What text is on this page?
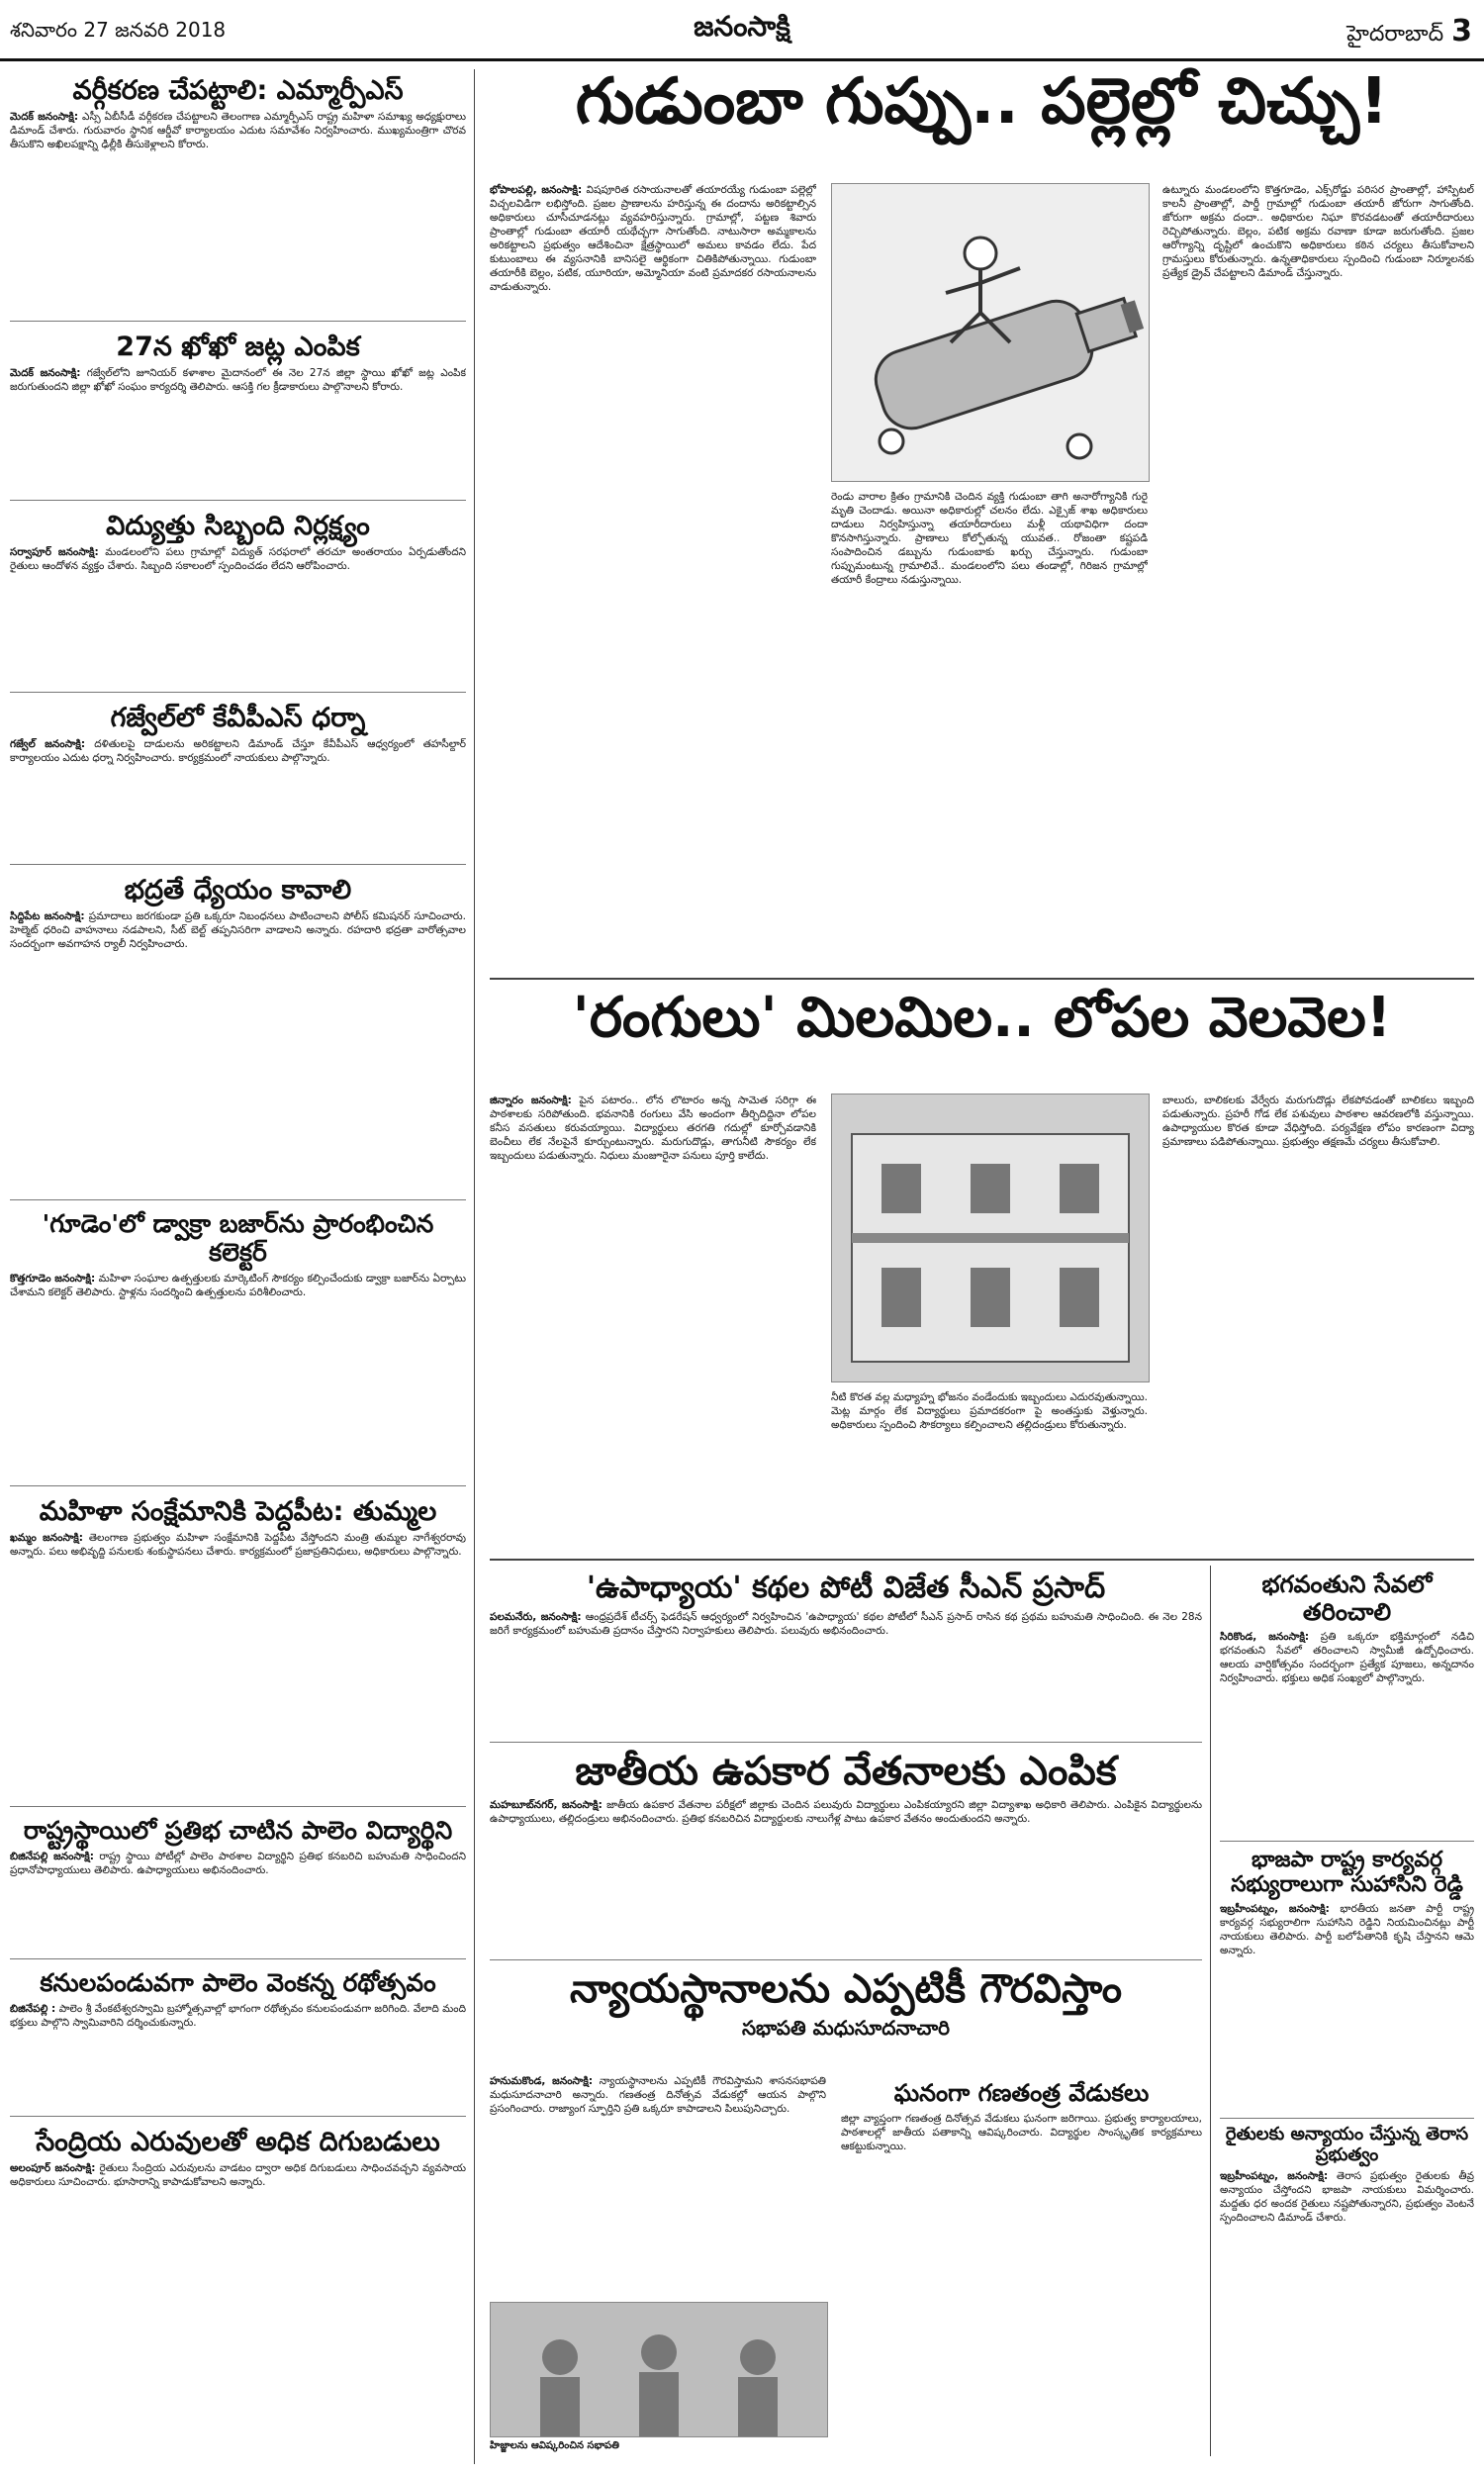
శనివారం 27 జనవరి 2018	జనంసాక్షి	హైదరాబాద్ 3
వర్గీకరణ చేపట్టాలి: ఎమ్మార్పీఎస్

మెదక్ జనంసాక్షి: ఎస్సీ ఏబీసీడీ వర్గీకరణ చేపట్టాలని తెలంగాణ ఎమ్మార్పీఎస్ రాష్ట్ర మహిళా సమాఖ్య అధ్యక్షురాలు డిమాండ్ చేశారు. గురువారం స్థానిక ఆర్డీవో కార్యాలయం ఎదుట సమావేశం నిర్వహించారు. ముఖ్యమంత్రిగా చొరవ తీసుకొని అఖిలపక్షాన్ని ఢిల్లీకి తీసుకెళ్లాలని కోరారు.

27న ఖోఖో జట్ల ఎంపిక

మెదక్ జనంసాక్షి: గజ్వేల్‌లోని జూనియర్ కళాశాల మైదానంలో ఈ నెల 27న జిల్లా స్థాయి ఖోఖో జట్ల ఎంపిక జరుగుతుందని జిల్లా ఖోఖో సంఘం కార్యదర్శి తెలిపారు. ఆసక్తి గల క్రీడాకారులు పాల్గొనాలని కోరారు.

విద్యుత్తు సిబ్బంది నిర్లక్ష్యం

సర్వాపూర్ జనంసాక్షి: మండలంలోని పలు గ్రామాల్లో విద్యుత్ సరఫరాలో తరచూ అంతరాయం ఏర్పడుతోందని రైతులు ఆందోళన వ్యక్తం చేశారు. సిబ్బంది సకాలంలో స్పందించడం లేదని ఆరోపించారు.

గజ్వేల్‌లో కేవీపీఎస్ ధర్నా

గజ్వేల్ జనంసాక్షి: దళితులపై దాడులను అరికట్టాలని డిమాండ్ చేస్తూ కేవీపీఎస్ ఆధ్వర్యంలో తహసీల్దార్ కార్యాలయం ఎదుట ధర్నా నిర్వహించారు. కార్యక్రమంలో నాయకులు పాల్గొన్నారు.

భద్రతే ధ్యేయం కావాలి

సిద్దిపేట జనంసాక్షి: ప్రమాదాలు జరగకుండా ప్రతి ఒక్కరూ నిబంధనలు పాటించాలని పోలీస్ కమిషనర్ సూచించారు. హెల్మెట్ ధరించి వాహనాలు నడపాలని, సీట్ బెల్ట్ తప్పనిసరిగా వాడాలని అన్నారు. రహదారి భద్రతా వారోత్సవాల సందర్భంగా అవగాహన ర్యాలీ నిర్వహించారు.

'గూడెం'లో డ్వాక్రా బజార్‌ను ప్రారంభించిన కలెక్టర్

కొత్తగూడెం జనంసాక్షి: మహిళా సంఘాల ఉత్పత్తులకు మార్కెటింగ్ సౌకర్యం కల్పించేందుకు డ్వాక్రా బజార్‌ను ఏర్పాటు చేశామని కలెక్టర్ తెలిపారు. స్టాళ్లను సందర్శించి ఉత్పత్తులను పరిశీలించారు.

మహిళా సంక్షేమానికి పెద్దపీట: తుమ్మల

ఖమ్మం జనంసాక్షి: తెలంగాణ ప్రభుత్వం మహిళా సంక్షేమానికి పెద్దపీట వేస్తోందని మంత్రి తుమ్మల నాగేశ్వరరావు అన్నారు. పలు అభివృద్ధి పనులకు శంకుస్థాపనలు చేశారు. కార్యక్రమంలో ప్రజాప్రతినిధులు, అధికారులు పాల్గొన్నారు.

రాష్ట్రస్థాయిలో ప్రతిభ చాటిన పాలెం విద్యార్థిని

బిజినేపల్లి జనంసాక్షి: రాష్ట్ర స్థాయి పోటీల్లో పాలెం పాఠశాల విద్యార్థిని ప్రతిభ కనబరిచి బహుమతి సాధించిందని ప్రధానోపాధ్యాయులు తెలిపారు. ఉపాధ్యాయులు అభినందించారు.

కనులపండువగా పాలెం వెంకన్న రథోత్సవం

బిజినేపల్లి : పాలెం శ్రీ వేంకటేశ్వరస్వామి బ్రహ్మోత్సవాల్లో భాగంగా రథోత్సవం కనులపండువగా జరిగింది. వేలాది మంది భక్తులు పాల్గొని స్వామివారిని దర్శించుకున్నారు.

సేంద్రియ ఎరువులతో అధిక దిగుబడులు

అలంపూర్ జనంసాక్షి: రైతులు సేంద్రియ ఎరువులను వాడటం ద్వారా అధిక దిగుబడులు సాధించవచ్చని వ్యవసాయ అధికారులు సూచించారు. భూసారాన్ని కాపాడుకోవాలని అన్నారు.

గుడుంబా గుప్పు.. పల్లెల్లో చిచ్చు!
భోపాలపల్లి, జనంసాక్షి: విషపూరిత రసాయనాలతో తయారయ్యే గుడుంబా పల్లెల్లో విచ్చలవిడిగా లభిస్తోంది. ప్రజల ప్రాణాలను హరిస్తున్న ఈ దందాను అరికట్టాల్సిన అధికారులు చూసీచూడనట్లు వ్యవహరిస్తున్నారు. గ్రామాల్లో, పట్టణ శివారు ప్రాంతాల్లో గుడుంబా తయారీ యథేచ్ఛగా సాగుతోంది. నాటుసారా అమ్మకాలను అరికట్టాలని ప్రభుత్వం ఆదేశించినా క్షేత్రస్థాయిలో అమలు కావడం లేదు. పేద కుటుంబాలు ఈ వ్యసనానికి బానిసలై ఆర్థికంగా చితికిపోతున్నాయి. గుడుంబా తయారీకి బెల్లం, పటిక, యూరియా, అమ్మోనియా వంటి ప్రమాదకర రసాయనాలను వాడుతున్నారు.
రెండు వారాల క్రితం గ్రామానికి చెందిన వ్యక్తి గుడుంబా తాగి అనారోగ్యానికి గురై మృతి చెందాడు. అయినా అధికారుల్లో చలనం లేదు. ఎక్సైజ్ శాఖ అధికారులు దాడులు నిర్వహిస్తున్నా తయారీదారులు మళ్లీ యథావిధిగా దందా కొనసాగిస్తున్నారు. ప్రాణాలు కోల్పోతున్న యువత.. రోజంతా కష్టపడి సంపాదించిన డబ్బును గుడుంబాకు ఖర్చు చేస్తున్నారు. గుడుంబా గుప్పుమంటున్న గ్రామాలివే.. మండలంలోని పలు తండాల్లో, గిరిజన గ్రామాల్లో తయారీ కేంద్రాలు నడుస్తున్నాయి.
ఉట్నూరు మండలంలోని కొత్తగూడెం, ఎక్స్‌రోడ్డు పరిసర ప్రాంతాల్లో, హాస్పిటల్ కాలనీ ప్రాంతాల్లో, పార్డీ గ్రామాల్లో గుడుంబా తయారీ జోరుగా సాగుతోంది. జోరుగా అక్రమ దందా.. అధికారుల నిఘా కొరవడటంతో తయారీదారులు రెచ్చిపోతున్నారు. బెల్లం, పటిక అక్రమ రవాణా కూడా జరుగుతోంది. ప్రజల ఆరోగ్యాన్ని దృష్టిలో ఉంచుకొని అధికారులు కఠిన చర్యలు తీసుకోవాలని గ్రామస్తులు కోరుతున్నారు. ఉన్నతాధికారులు స్పందించి గుడుంబా నిర్మూలనకు ప్రత్యేక డ్రైవ్ చేపట్టాలని డిమాండ్ చేస్తున్నారు.
'రంగులు' మిలమిల.. లోపల వెలవెల!
జిన్నారం జనంసాక్షి: పైన పటారం.. లోన లొటారం అన్న సామెత సరిగ్గా ఈ పాఠశాలకు సరిపోతుంది. భవనానికి రంగులు వేసి అందంగా తీర్చిదిద్దినా లోపల కనీస వసతులు కరువయ్యాయి. విద్యార్థులు తరగతి గదుల్లో కూర్చోవడానికి బెంచీలు లేక నేలపైనే కూర్చుంటున్నారు. మరుగుదొడ్లు, తాగునీటి సౌకర్యం లేక ఇబ్బందులు పడుతున్నారు. నిధులు మంజూరైనా పనులు పూర్తి కాలేదు.
నీటి కొరత వల్ల మధ్యాహ్న భోజనం వండేందుకు ఇబ్బందులు ఎదురవుతున్నాయి. మెట్ల మార్గం లేక విద్యార్థులు ప్రమాదకరంగా పై అంతస్తుకు వెళ్తున్నారు. అధికారులు స్పందించి సౌకర్యాలు కల్పించాలని తల్లిదండ్రులు కోరుతున్నారు.
బాలురు, బాలికలకు వేర్వేరు మరుగుదొడ్లు లేకపోవడంతో బాలికలు ఇబ్బంది పడుతున్నారు. ప్రహరీ గోడ లేక పశువులు పాఠశాల ఆవరణలోకి వస్తున్నాయి. ఉపాధ్యాయుల కొరత కూడా వేధిస్తోంది. పర్యవేక్షణ లోపం కారణంగా విద్యా ప్రమాణాలు పడిపోతున్నాయి. ప్రభుత్వం తక్షణమే చర్యలు తీసుకోవాలి.
'ఉపాధ్యాయ' కథల పోటీ విజేత సీఎన్ ప్రసాద్

పలమనేరు, జనంసాక్షి: ఆంధ్రప్రదేశ్ టీచర్స్ ఫెడరేషన్ ఆధ్వర్యంలో నిర్వహించిన 'ఉపాధ్యాయ' కథల పోటీలో సీఎన్ ప్రసాద్ రాసిన కథ ప్రథమ బహుమతి సాధించింది. ఈ నెల 28న జరిగే కార్యక్రమంలో బహుమతి ప్రదానం చేస్తారని నిర్వాహకులు తెలిపారు. పలువురు అభినందించారు.

భగవంతుని సేవలో తరించాలి

సిరికొండ, జనంసాక్షి: ప్రతి ఒక్కరూ భక్తిమార్గంలో నడిచి భగవంతుని సేవలో తరించాలని స్వామీజీ ఉద్బోధించారు. ఆలయ వార్షికోత్సవం సందర్భంగా ప్రత్యేక పూజలు, అన్నదానం నిర్వహించారు. భక్తులు అధిక సంఖ్యలో పాల్గొన్నారు.

భాజపా రాష్ట్ర కార్యవర్గ సభ్యురాలుగా సుహాసిని రెడ్డి

ఇబ్రహీంపట్నం, జనంసాక్షి: భారతీయ జనతా పార్టీ రాష్ట్ర కార్యవర్గ సభ్యురాలిగా సుహాసిని రెడ్డిని నియమించినట్లు పార్టీ నాయకులు తెలిపారు. పార్టీ బలోపేతానికి కృషి చేస్తానని ఆమె అన్నారు.

రైతులకు అన్యాయం చేస్తున్న తెరాస ప్రభుత్వం

ఇబ్రహీంపట్నం, జనంసాక్షి: తెరాస ప్రభుత్వం రైతులకు తీవ్ర అన్యాయం చేస్తోందని భాజపా నాయకులు విమర్శించారు. మద్దతు ధర అందక రైతులు నష్టపోతున్నారని, ప్రభుత్వం వెంటనే స్పందించాలని డిమాండ్ చేశారు.

జాతీయ ఉపకార వేతనాలకు ఎంపిక

మహబూబ్‌నగర్, జనంసాక్షి: జాతీయ ఉపకార వేతనాల పరీక్షలో జిల్లాకు చెందిన పలువురు విద్యార్థులు ఎంపికయ్యారని జిల్లా విద్యాశాఖ అధికారి తెలిపారు. ఎంపికైన విద్యార్థులను ఉపాధ్యాయులు, తల్లిదండ్రులు అభినందించారు. ప్రతిభ కనబరిచిన విద్యార్థులకు నాలుగేళ్ల పాటు ఉపకార వేతనం అందుతుందని అన్నారు.

న్యాయస్థానాలను ఎప్పటికీ గౌరవిస్తాం
సభాపతి మధుసూదనాచారి
హనుమకొండ, జనంసాక్షి: న్యాయస్థానాలను ఎప్పటికీ గౌరవిస్తామని శాసనసభాపతి మధుసూదనాచారి అన్నారు. గణతంత్ర దినోత్సవ వేడుకల్లో ఆయన పాల్గొని ప్రసంగించారు. రాజ్యాంగ స్ఫూర్తిని ప్రతి ఒక్కరూ కాపాడాలని పిలుపునిచ్చారు.
హిజ్జాలను ఆవిష్కరించిన సభాపతి
ఘనంగా గణతంత్ర వేడుకలు

జిల్లా వ్యాప్తంగా గణతంత్ర దినోత్సవ వేడుకలు ఘనంగా జరిగాయి. ప్రభుత్వ కార్యాలయాలు, పాఠశాలల్లో జాతీయ పతాకాన్ని ఆవిష్కరించారు. విద్యార్థుల సాంస్కృతిక కార్యక్రమాలు ఆకట్టుకున్నాయి.
